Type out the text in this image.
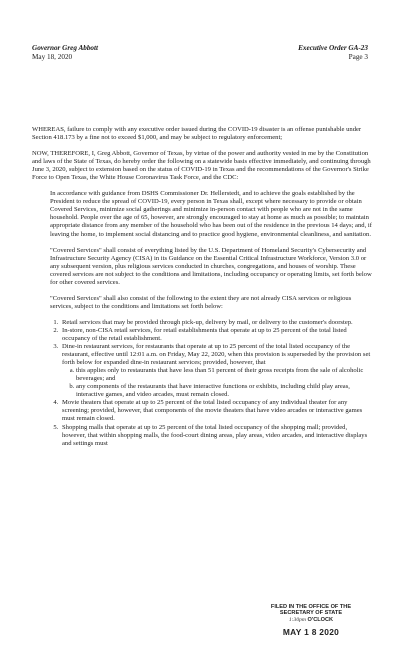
Governor Greg Abbott
May 18, 2020
Executive Order GA-23
Page 3

WHEREAS, failure to comply with any executive order issued during the COVID-19 disaster is an offense punishable under Section 418.173 by a fine not to exceed $1,000, and may be subject to regulatory enforcement;

NOW, THEREFORE, I, Greg Abbott, Governor of Texas, by virtue of the power and authority vested in me by the Constitution and laws of the State of Texas, do hereby order the following on a statewide basis effective immediately, and continuing through June 3, 2020, subject to extension based on the status of COVID-19 in Texas and the recommendations of the Governor's Strike Force to Open Texas, the White House Coronavirus Task Force, and the CDC:

In accordance with guidance from DSHS Commissioner Dr. Hellerstedt, and to achieve the goals established by the President to reduce the spread of COVID-19, every person in Texas shall, except where necessary to provide or obtain Covered Services, minimize social gatherings and minimize in-person contact with people who are not in the same household. People over the age of 65, however, are strongly encouraged to stay at home as much as possible; to maintain appropriate distance from any member of the household who has been out of the residence in the previous 14 days; and, if leaving the home, to implement social distancing and to practice good hygiene, environmental cleanliness, and sanitation.

"Covered Services" shall consist of everything listed by the U.S. Department of Homeland Security's Cybersecurity and Infrastructure Security Agency (CISA) in its Guidance on the Essential Critical Infrastructure Workforce, Version 3.0 or any subsequent version, plus religious services conducted in churches, congregations, and houses of worship. These covered services are not subject to the conditions and limitations, including occupancy or operating limits, set forth below for other covered services.

"Covered Services" shall also consist of the following to the extent they are not already CISA services or religious services, subject to the conditions and limitations set forth below:

1. Retail services that may be provided through pick-up, delivery by mail, or delivery to the customer's doorstep.
2. In-store, non-CISA retail services, for retail establishments that operate at up to 25 percent of the total listed occupancy of the retail establishment.
3. Dine-in restaurant services, for restaurants that operate at up to 25 percent of the total listed occupancy of the restaurant, effective until 12:01 a.m. on Friday, May 22, 2020, when this provision is superseded by the provision set forth below for expanded dine-in restaurant services; provided, however, that
a. this applies only to restaurants that have less than 51 percent of their gross receipts from the sale of alcoholic beverages; and
b. any components of the restaurants that have interactive functions or exhibits, including child play areas, interactive games, and video arcades, must remain closed.
4. Movie theaters that operate at up to 25 percent of the total listed occupancy of any individual theater for any screening; provided, however, that components of the movie theaters that have video arcades or interactive games must remain closed.
5. Shopping malls that operate at up to 25 percent of the total listed occupancy of the shopping mall; provided, however, that within shopping malls, the food-court dining areas, play areas, video arcades, and interactive displays and settings must
FILED IN THE OFFICE OF THE
SECRETARY OF STATE
1:30pm O'CLOCK
MAY 1 8 2020
